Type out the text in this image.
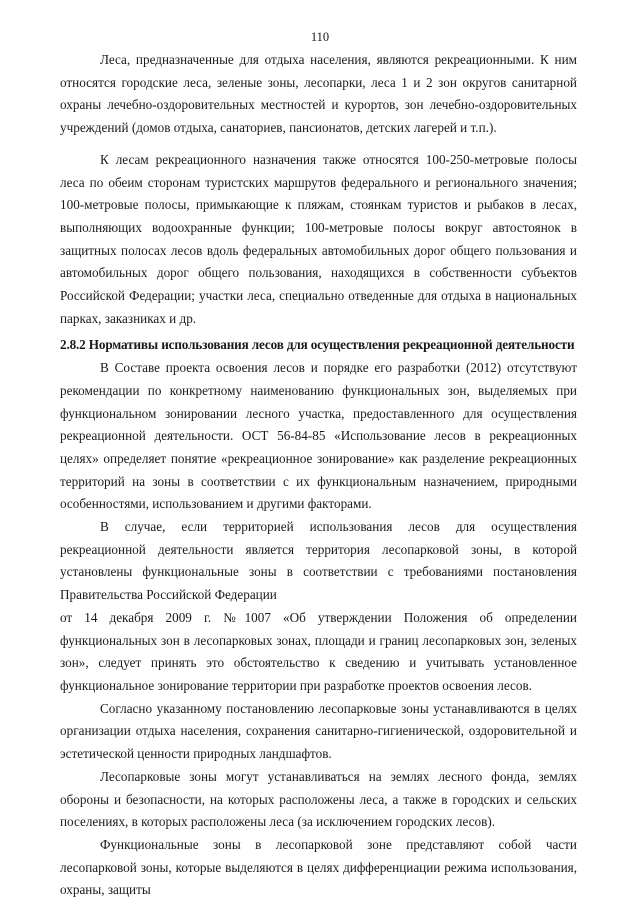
110

Леса, предназначенные для отдыха населения, являются рекреационными. К ним относятся городские леса, зеленые зоны, лесопарки, леса 1 и 2 зон округов санитарной охраны лечебно-оздоровительных местностей и курортов, зон лечебно-оздоровительных учреждений (домов отдыха, санаториев, пансионатов, детских лагерей и т.п.).

К лесам рекреационного назначения также относятся 100-250-метровые полосы леса по обеим сторонам туристских маршрутов федерального и регионального значения; 100-метровые полосы, примыкающие к пляжам, стоянкам туристов и рыбаков в лесах, выполняющих водоохранные функции; 100-метровые полосы вокруг автостоянок в защитных полосах лесов вдоль федеральных автомобильных дорог общего пользования и автомобильных дорог общего пользования, находящихся в собственности субъектов Российской Федерации; участки леса, специально отведенные для отдыха в национальных парках, заказниках и др.

2.8.2 Нормативы использования лесов для осуществления рекреационной деятельности

В Составе проекта освоения лесов и порядке его разработки (2012) отсутствуют рекомендации по конкретному наименованию функциональных зон, выделяемых при функциональном зонировании лесного участка, предоставленного для осуществления рекреационной деятельности. ОСТ 56-84-85 «Использование лесов в рекреационных целях» определяет понятие «рекреационное зонирование» как разделение рекреационных территорий на зоны в соответствии с их функциональным назначением, природными особенностями, использованием и другими факторами.

В случае, если территорией использования лесов для осуществления рекреационной деятельности является территория лесопарковой зоны, в которой установлены функциональные зоны в соответствии с требованиями постановления Правительства Российской Федерации

от 14 декабря 2009 г. №1007 «Об утверждении Положения об определении функциональных зон в лесопарковых зонах, площади и границ лесопарковых зон, зеленых зон», следует принять это обстоятельство к сведению и учитывать установленное функциональное зонирование территории при разработке проектов освоения лесов.

Согласно указанному постановлению лесопарковые зоны устанавливаются в целях организации отдыха населения, сохранения санитарно-гигиенической, оздоровительной и эстетической ценности природных ландшафтов.

Лесопарковые зоны могут устанавливаться на землях лесного фонда, землях обороны и безопасности, на которых расположены леса, а также в городских и сельских поселениях, в которых расположены леса (за исключением городских лесов).

Функциональные зоны в лесопарковой зоне представляют собой части лесопарковой зоны, которые выделяются в целях дифференциации режима использования, охраны, защиты
